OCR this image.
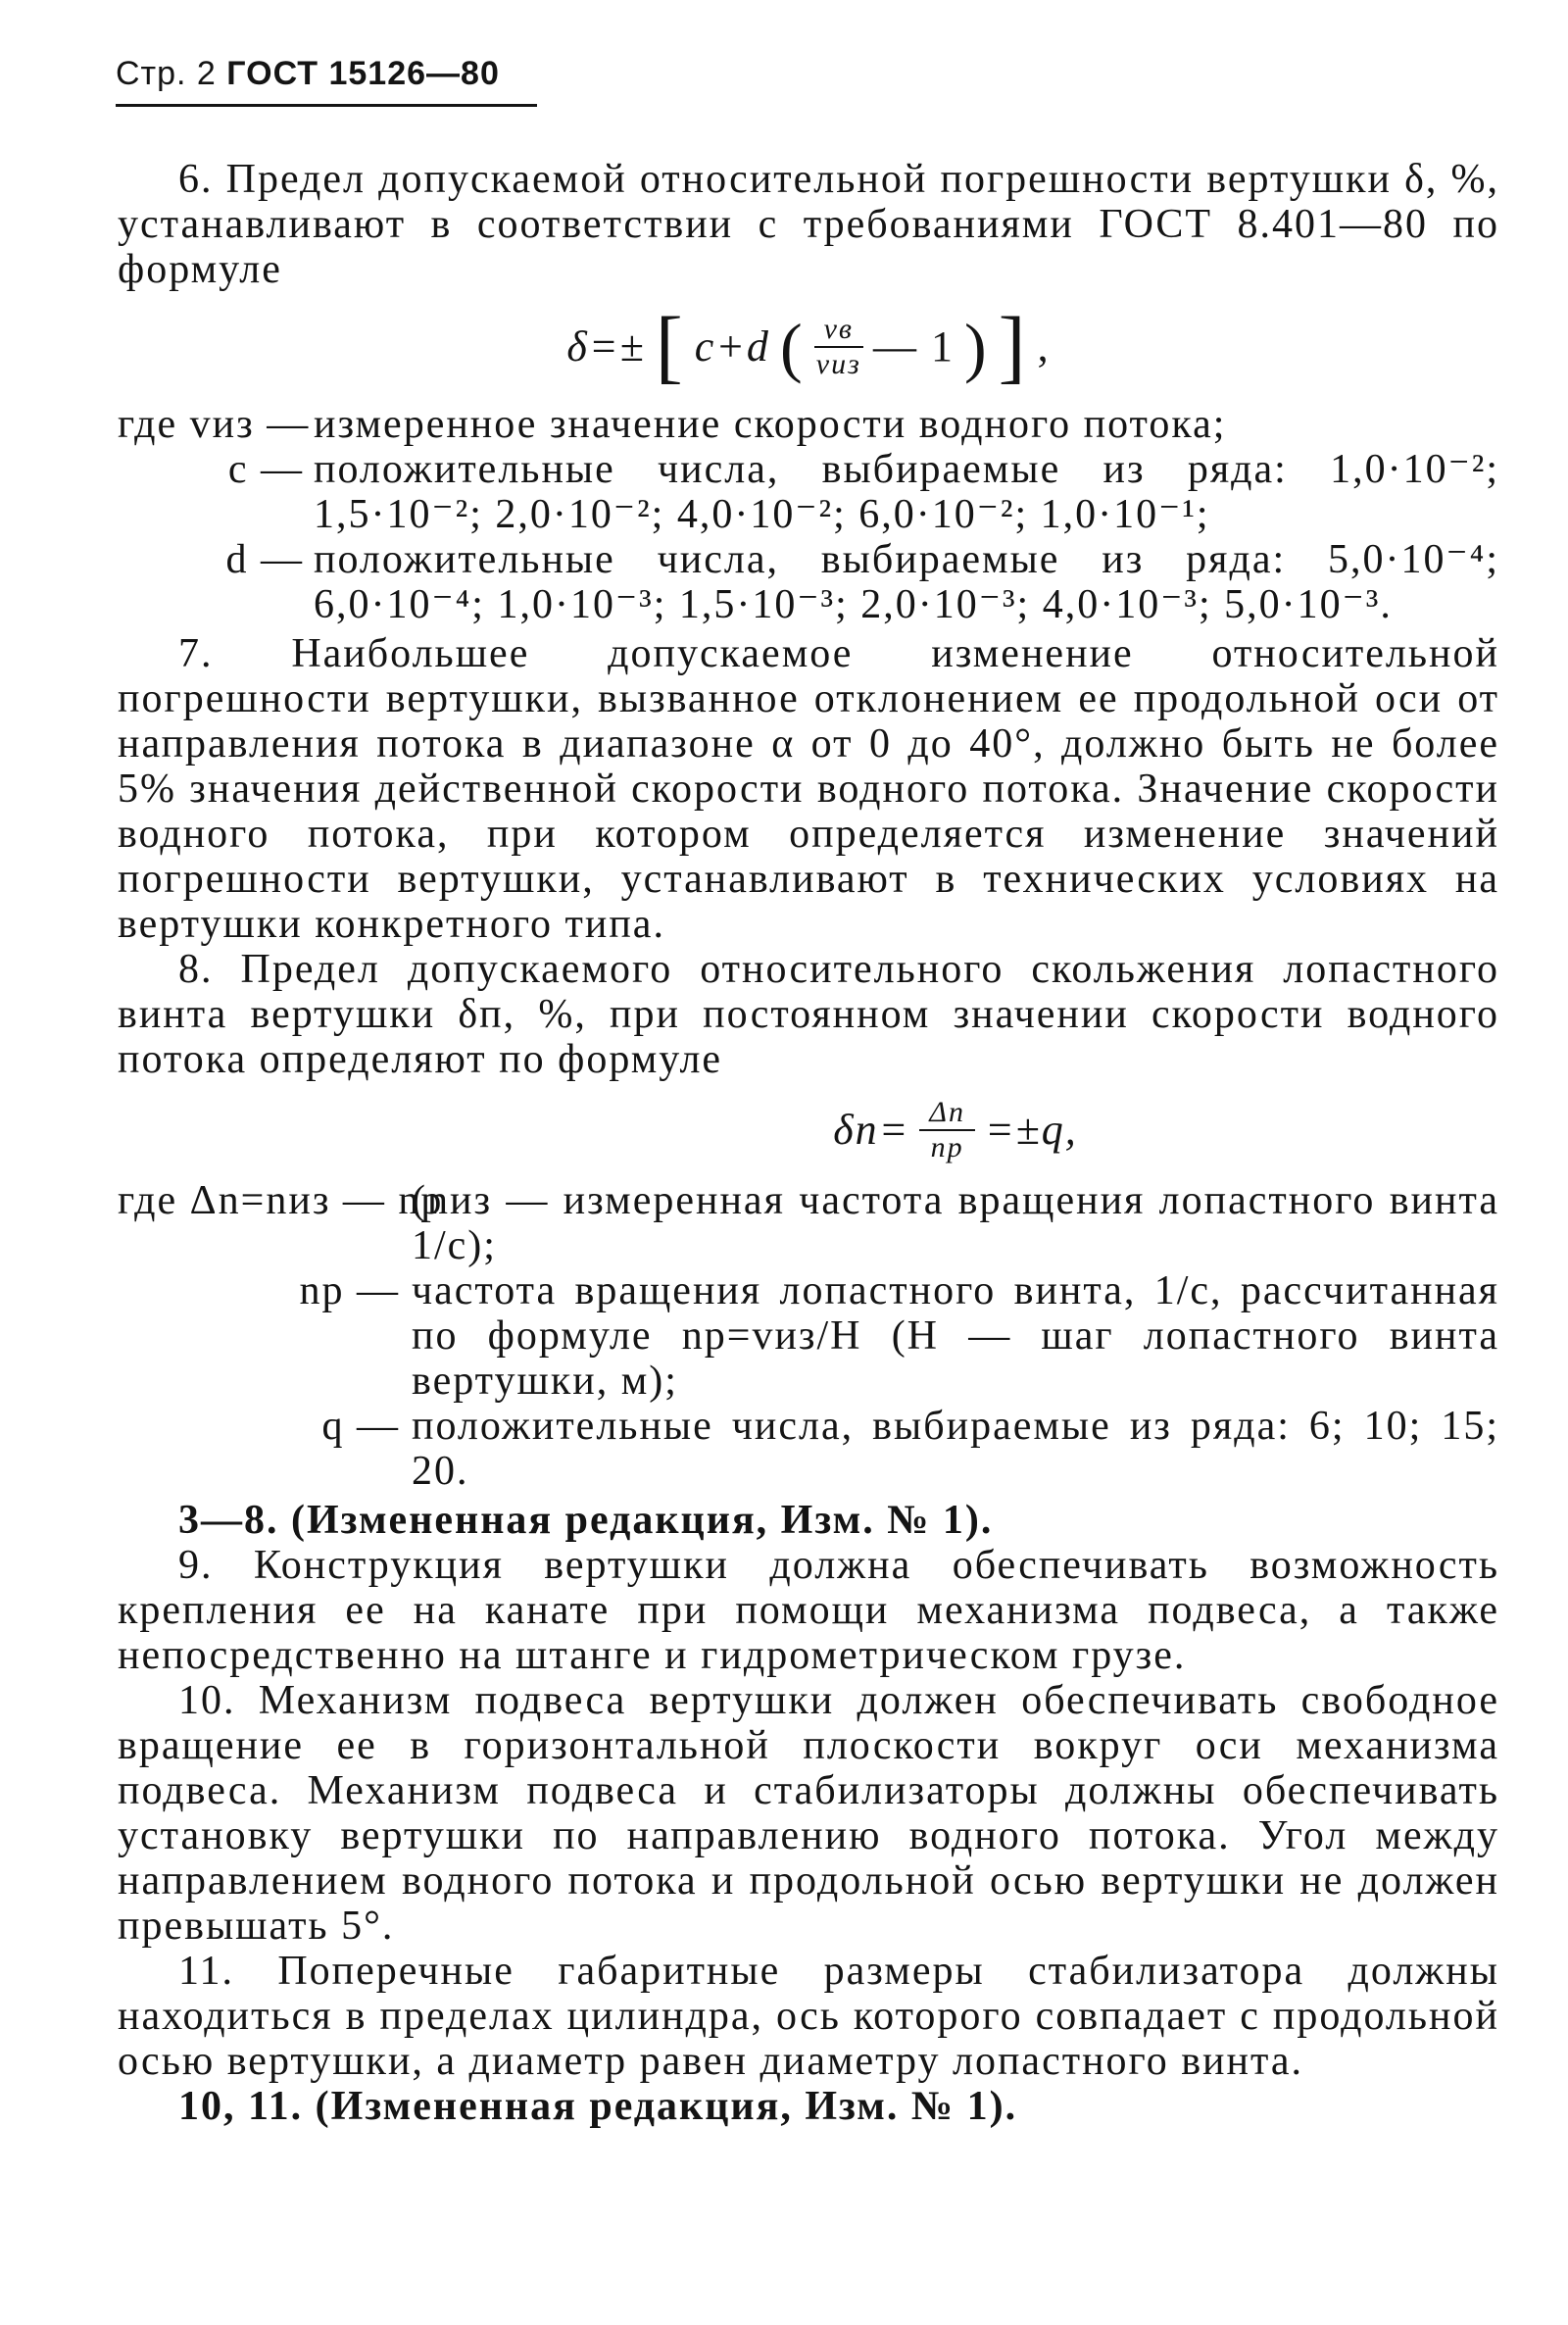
Стр. 2 ГОСТ 15126—80

6. Предел допускаемой относительной погрешности вертушки δ, %, устанавливают в соответствии с требованиями ГОСТ 8.401—80 по формуле

δ=± [ c+d ( $\frac{vв}{\text{vиз}}$ — 1 ) ] ,
где vиз — измеренное значение скорости водного потока;
c — положительные числа, выбираемые из ряда: 1,0·10⁻²; 1,5·10⁻²; 2,0·10⁻²; 4,0·10⁻²; 6,0·10⁻²; 1,0·10⁻¹;
d — положительные числа, выбираемые из ряда: 5,0·10⁻⁴; 6,0·10⁻⁴; 1,0·10⁻³; 1,5·10⁻³; 2,0·10⁻³; 4,0·10⁻³; 5,0·10⁻³.

7. Наибольшее допускаемое изменение относительной погрешности вертушки, вызванное отклонением ее продольной оси от направления потока в диапазоне α от 0 до 40°, должно быть не более 5% значения действенной скорости водного потока. Значение скорости водного потока, при котором определяется изменение значений погрешности вертушки, устанавливают в технических условиях на вертушки конкретного типа.

8. Предел допускаемого относительного скольжения лопастного винта вертушки δп, %, при постоянном значении скорости водного потока определяют по формуле

$\delta п= \frac{\Delta n}{nр} =\pm q$,
где Δn=nиз — nр
(nиз — измеренная частота вращения лопастного винта 1/с);
nр — частота вращения лопастного винта, 1/с, рассчитанная по формуле nр=vиз/H (H — шаг лопастного винта вертушки, м);
q — положительные числа, выбираемые из ряда: 6; 10; 15; 20.

3—8. (Измененная редакция, Изм. № 1).

9. Конструкция вертушки должна обеспечивать возможность крепления ее на канате при помощи механизма подвеса, а также непосредственно на штанге и гидрометрическом грузе.

10. Механизм подвеса вертушки должен обеспечивать свободное вращение ее в горизонтальной плоскости вокруг оси механизма подвеса. Механизм подвеса и стабилизаторы должны обеспечивать установку вертушки по направлению водного потока. Угол между направлением водного потока и продольной осью вертушки не должен превышать 5°.

11. Поперечные габаритные размеры стабилизатора должны находиться в пределах цилиндра, ось которого совпадает с продольной осью вертушки, а диаметр равен диаметру лопастного винта.

10, 11. (Измененная редакция, Изм. № 1).
